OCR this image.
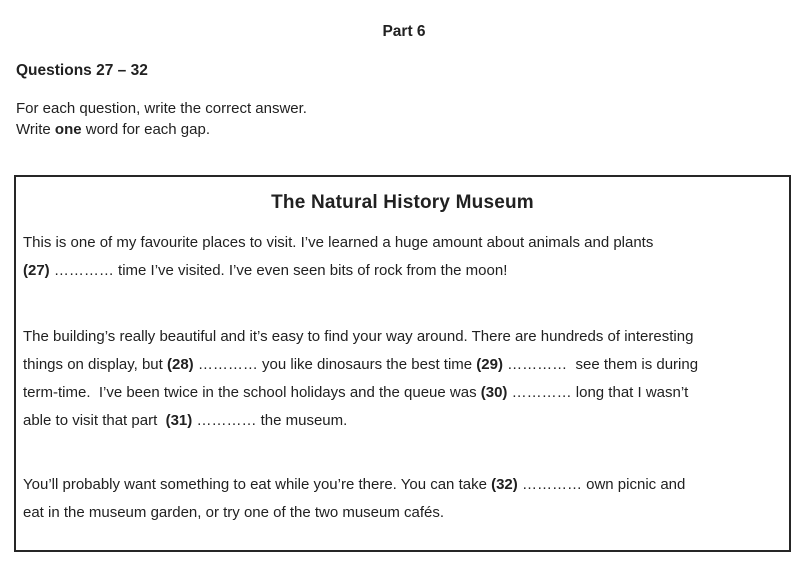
Part 6
Questions 27 – 32
For each question, write the correct answer.
Write one word for each gap.
The Natural History Museum
This is one of my favourite places to visit. I’ve learned a huge amount about animals and plants
(27) ………… time I’ve visited. I’ve even seen bits of rock from the moon!
The building’s really beautiful and it’s easy to find your way around. There are hundreds of interesting
things on display, but (28) ………… you like dinosaurs the best time (29) …………  see them is during
term-time.  I’ve been twice in the school holidays and the queue was (30) ………… long that I wasn’t
able to visit that part  (31) ………… the museum.
You’ll probably want something to eat while you’re there. You can take (32) ………… own picnic and
eat in the museum garden, or try one of the two museum cafés.
